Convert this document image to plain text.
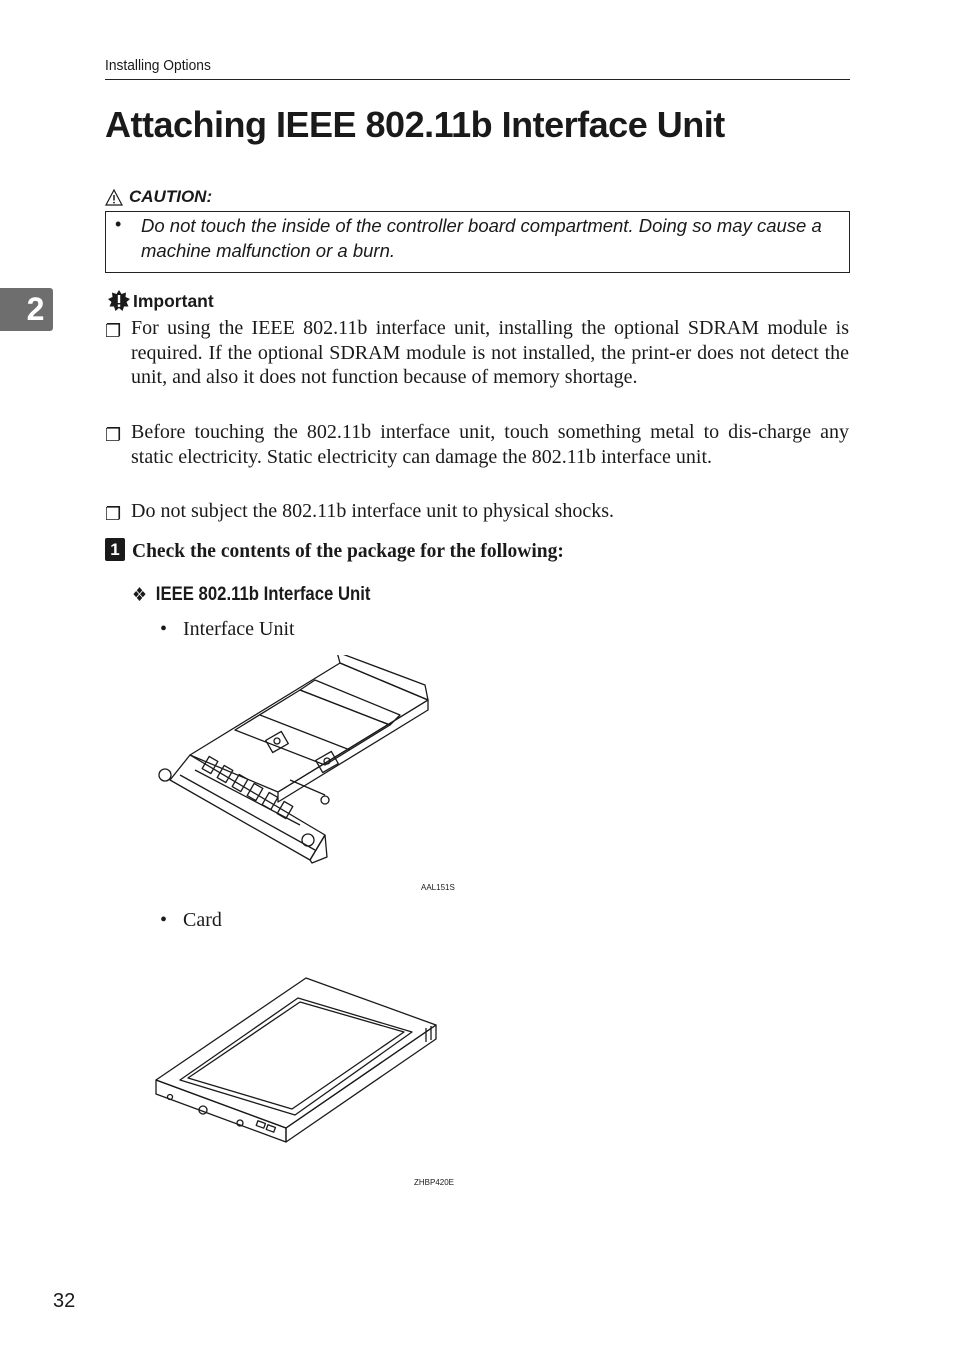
Installing Options
Attaching IEEE 802.11b Interface Unit
CAUTION:
• Do not touch the inside of the controller board compartment. Doing so may cause a machine malfunction or a burn.
2	Important
❐ For using the IEEE 802.11b interface unit, installing the optional SDRAM module is required. If the optional SDRAM module is not installed, the print-er does not detect the unit, and also it does not function because of memory shortage.
❐ Before touching the 802.11b interface unit, touch something metal to dis-charge any static electricity. Static electricity can damage the 802.11b interface unit.
❐ Do not subject the 802.11b interface unit to physical shocks.
1 Check the contents of the package for the following:
❖ IEEE 802.11b Interface Unit
• Interface Unit
AAL151S
• Card
ZHBP420E
32
